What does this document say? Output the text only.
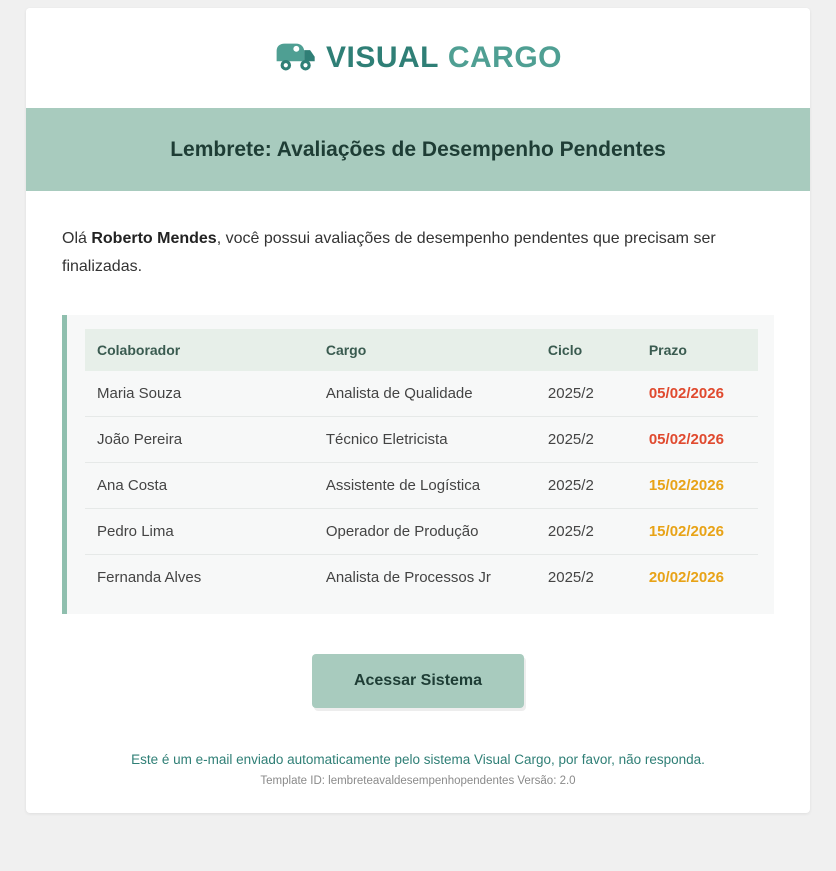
VISUAL CARGO
Lembrete: Avaliações de Desempenho Pendentes

Olá Roberto Mendes, você possui avaliações de desempenho pendentes que precisam ser finalizadas.

Colaborador	Cargo	Ciclo	Prazo
Maria Souza	Analista de Qualidade	2025/2	05/02/2026
João Pereira	Técnico Eletricista	2025/2	05/02/2026
Ana Costa	Assistente de Logística	2025/2	15/02/2026
Pedro Lima	Operador de Produção	2025/2	15/02/2026
Fernanda Alves	Analista de Processos Jr	2025/2	20/02/2026
Acessar Sistema

Este é um e-mail enviado automaticamente pelo sistema Visual Cargo, por favor, não responda.

Template ID: lembreteavaldesempenhopendentes Versão: 2.0
